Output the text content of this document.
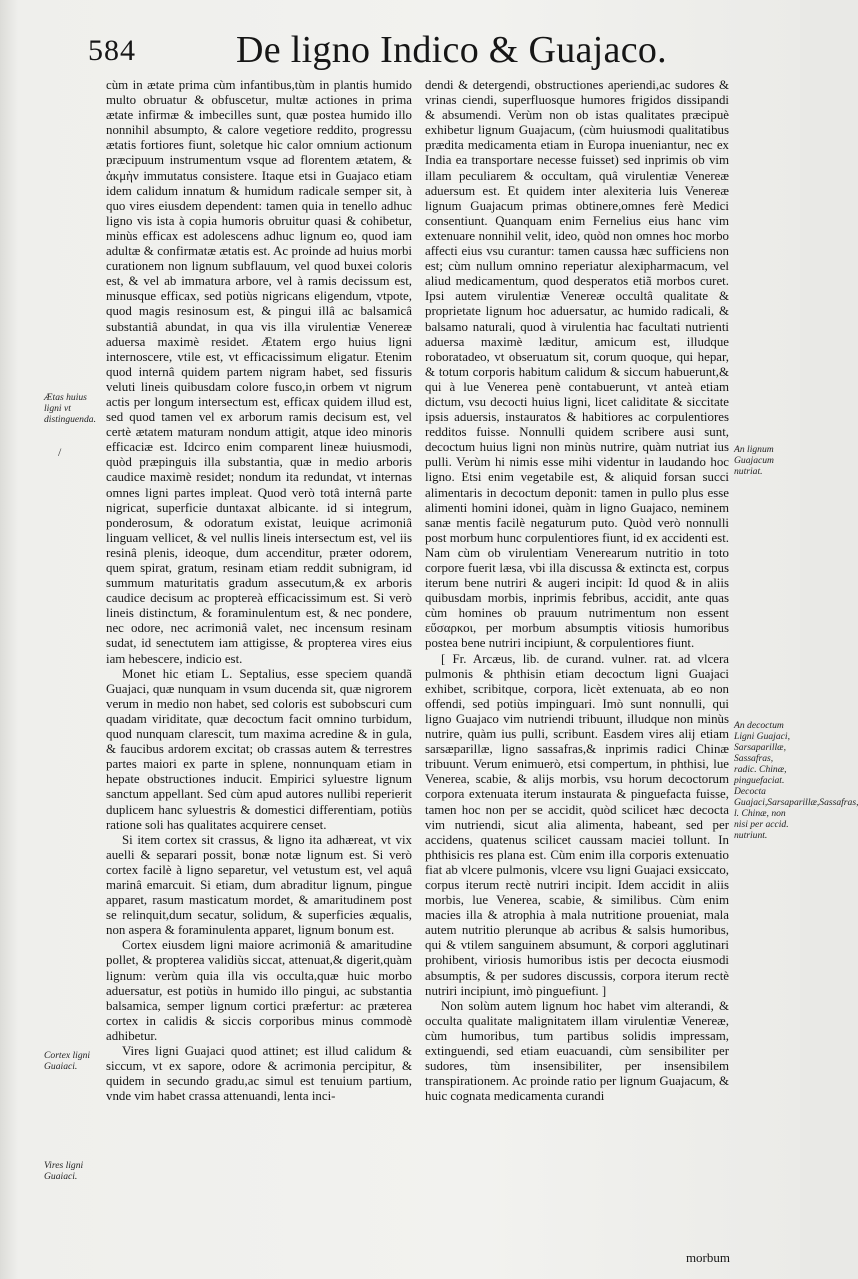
584	De ligno Indico & Guajaco.
/

cùm in ætate prima cùm infantibus,tùm in plantis humido multo obruatur & obfuscetur, multæ actiones in prima ætate infirmæ & imbecilles sunt, quæ postea humido illo nonnihil absumpto, & calore vegetiore reddito, progressu ætatis fortiores fiunt, soletque hic calor omnium actionum præcipuum instrumentum vsque ad florentem ætatem, & ἀκμὴν immutatus consistere. Itaque etsi in Guajaco etiam idem calidum innatum & humidum radicale semper sit, à quo vires eiusdem dependent: tamen quia in tenello adhuc ligno vis ista à copia humoris obruitur quasi & cohibetur, minùs efficax est adolescens adhuc lignum eo, quod iam adultæ & confirmatæ ætatis est. Ac proinde ad huius morbi curationem non lignum subflauum, vel quod buxei coloris est, & vel ab immatura arbore, vel à ramis decissum est, minusque efficax, sed potiùs nigricans eligendum, vtpote, quod magis resinosum est, & pingui illâ ac balsamicâ substantiâ abundat, in qua vis illa virulentiæ Venereæ aduersa maximè residet. Ætatem ergo huius ligni internoscere, vtile est, vt efficacissimum eligatur. Etenim quod internâ quidem partem nigram habet, sed fissuris veluti lineis quibusdam colore fusco,in orbem vt nigrum actis per longum intersectum est, efficax quidem illud est, sed quod tamen vel ex arborum ramis decisum est, vel certè ætatem maturam nondum attigit, atque ideo minoris efficaciæ est. Idcirco enim comparent lineæ huiusmodi, quòd præpinguis illa substantia, quæ in medio arboris caudice maximè residet; nondum ita redundat, vt internas omnes ligni partes impleat. Quod verò totâ internâ parte nigricat, superficie duntaxat albicante. id si integrum, ponderosum, & odoratum existat, leuique acrimoniâ linguam vellicet, & vel nullis lineis intersectum est, vel iis resinâ plenis, ideoque, dum accenditur, præter odorem, quem spirat, gratum, resinam etiam reddit subnigram, id summum maturitatis gradum assecutum,& ex arboris caudice decisum ac proptereà efficacissimum est. Si verò lineis distinctum, & foraminulentum est, & nec pondere, nec odore, nec acrimoniâ valet, nec incensum resinam sudat, id senectutem iam attigisse, & propterea vires eius iam hebescere, indicio est.

Monet hic etiam L. Septalius, esse speciem quandã Guajaci, quæ nunquam in vsum ducenda sit, quæ nigrorem verum in medio non habet, sed coloris est subobscuri cum quadam viriditate, quæ decoctum facit omnino turbidum, quod nunquam clarescit, tum maxima acredine & in gula, & faucibus ardorem excitat; ob crassas autem & terrestres partes maiori ex parte in splene, nonnunquam etiam in hepate obstructiones inducit. Empirici syluestre lignum sanctum appellant. Sed cùm apud autores nullibi reperierit duplicem hanc syluestris & domestici differentiam, potiùs ratione soli has qualitates acquirere censet.

Si item cortex sit crassus, & ligno ita adhæreat, vt vix auelli & separari possit, bonæ notæ lignum est. Si verò cortex facilè à ligno separetur, vel vetustum est, vel aquâ marinâ emarcuit. Si etiam, dum abraditur lignum, pingue apparet, rasum masticatum mordet, & amaritudinem post se relinquit,dum secatur, solidum, & superficies æqualis, non aspera & foraminulenta apparet, lignum bonum est.

Cortex eiusdem ligni maiore acrimoniâ & amaritudine pollet, & propterea validiùs siccat, attenuat,& digerit,quàm lignum: verùm quia illa vis occulta,quæ huic morbo aduersatur, est potiùs in humido illo pingui, ac substantia balsamica, semper lignum cortici præfertur: ac præterea cortex in calidis & siccis corporibus minus commodè adhibetur.

Vires ligni Guajaci quod attinet; est illud calidum & siccum, vt ex sapore, odore & acrimonia percipitur, & quidem in secundo gradu,ac simul est tenuium partium, vnde vim habet crassa attenuandi, lenta inci-

dendi & detergendi, obstructiones aperiendi,ac sudores & vrinas ciendi, superfluosque humores frigidos dissipandi & absumendi. Verùm non ob istas qualitates præcipuè exhibetur lignum Guajacum, (cùm huiusmodi qualitatibus prædita medicamenta etiam in Europa inueniantur, nec ex India ea transportare necesse fuisset) sed inprimis ob vim illam peculiarem & occultam, quâ virulentiæ Venereæ aduersum est. Et quidem inter alexiteria luis Venereæ lignum Guajacum primas obtinere,omnes ferè Medici consentiunt. Quanquam enim Fernelius eius hanc vim extenuare nonnihil velit, ideo, quòd non omnes hoc morbo affecti eius vsu curantur: tamen caussa hæc sufficiens non est; cùm nullum omnino reperiatur alexipharmacum, vel aliud medicamentum, quod desperatos etiã morbos curet. Ipsi autem virulentiæ Venereæ occultâ qualitate & proprietate lignum hoc aduersatur, ac humido radicali, & balsamo naturali, quod à virulentia hac facultati nutrienti aduersa maximè læditur, amicum est, illudque roboratadeo, vt obseruatum sit, corum quoque, qui hepar, & totum corporis habitum calidum & siccum habuerunt,& qui à lue Venerea penè contabuerunt, vt anteà etiam dictum, vsu decocti huius ligni, licet caliditate & siccitate ipsis aduersis, instauratos & habitiores ac corpulentiores redditos fuisse. Nonnulli quidem scribere ausi sunt, decoctum huius ligni non minùs nutrire, quàm nutriat ius pulli. Verùm hi nimis esse mihi videntur in laudando hoc ligno. Etsi enim vegetabile est, & aliquid forsan succi alimentaris in decoctum deponit: tamen in pullo plus esse alimenti homini idonei, quàm in ligno Guajaco, neminem sanæ mentis facilè negaturum puto. Quòd verò nonnulli post morbum hunc corpulentiores fiunt, id ex accidenti est. Nam cùm ob virulentiam Venerearum nutritio in toto corpore fuerit læsa, vbi illa discussa & extincta est, corpus iterum bene nutriri & augeri incipit: Id quod & in aliis quibusdam morbis, inprimis febribus, accidit, ante quas cùm homines ob prauum nutrimentum non essent εὔσαρκοι, per morbum absumptis vitiosis humoribus postea bene nutriri incipiunt, & corpulentiores fiunt.

[ Fr. Arcæus, lib. de curand. vulner. rat. ad vlcera pulmonis & phthisin etiam decoctum ligni Guajaci exhibet, scribitque, corpora, licèt extenuata, ab eo non offendi, sed potiùs impinguari. Imò sunt nonnulli, qui ligno Guajaco vim nutriendi tribuunt, illudque non minùs nutrire, quàm ius pulli, scribunt. Easdem vires alij etiam sarsæparillæ, ligno sassafras,& inprimis radici Chinæ tribuunt. Verum enimuerò, etsi compertum, in phthisi, lue Venerea, scabie, & alijs morbis, vsu horum decoctorum corpora extenuata iterum instaurata & pinguefacta fuisse, tamen hoc non per se accidit, quòd scilicet hæc decocta vim nutriendi, sicut alia alimenta, habeant, sed per accidens, quatenus scilicet caussam maciei tollunt. In phthisicis res plana est. Cùm enim illa corporis extenuatio fiat ab vlcere pulmonis, vlcere vsu ligni Guajaci exsiccato, corpus iterum rectè nutriri incipit. Idem accidit in aliis morbis, lue Venerea, scabie, & similibus. Cùm enim macies illa & atrophia à mala nutritione proueniat, mala autem nutritio plerunque ab acribus & salsis humoribus, qui & vtilem sanguinem absumunt, & corpori agglutinari prohibent, viriosis humoribus istis per decocta eiusmodi absumptis, & per sudores discussis, corpora iterum rectè nutriri incipiunt, imò pinguefiunt. ]

Non solùm autem lignum hoc habet vim alterandi, & occulta qualitate malignitatem illam virulentiæ Venereæ, cùm humoribus, tum partibus solidis impressam, extinguendi, sed etiam euacuandi, cùm sensibiliter per sudores, tùm insensibiliter, per insensibilem transpirationem. Ac proinde ratio per lignum Guajacum, & huic cognata medicamenta curandi

Ætas huius ligni vt distinguenda.
Cortex ligni Guaiaci.
Vires ligni Guaiaci.
An lignum Guajacum nutriat.
An decoctum Ligni Guajaci, Sarsaparillæ, Sassafras, radic. Chinæ, pinguefaciat. Decocta Guajaci,Sarsaparillæ,Sassafras, l. Chinæ, non nisi per accid. nutriunt.
morbum
